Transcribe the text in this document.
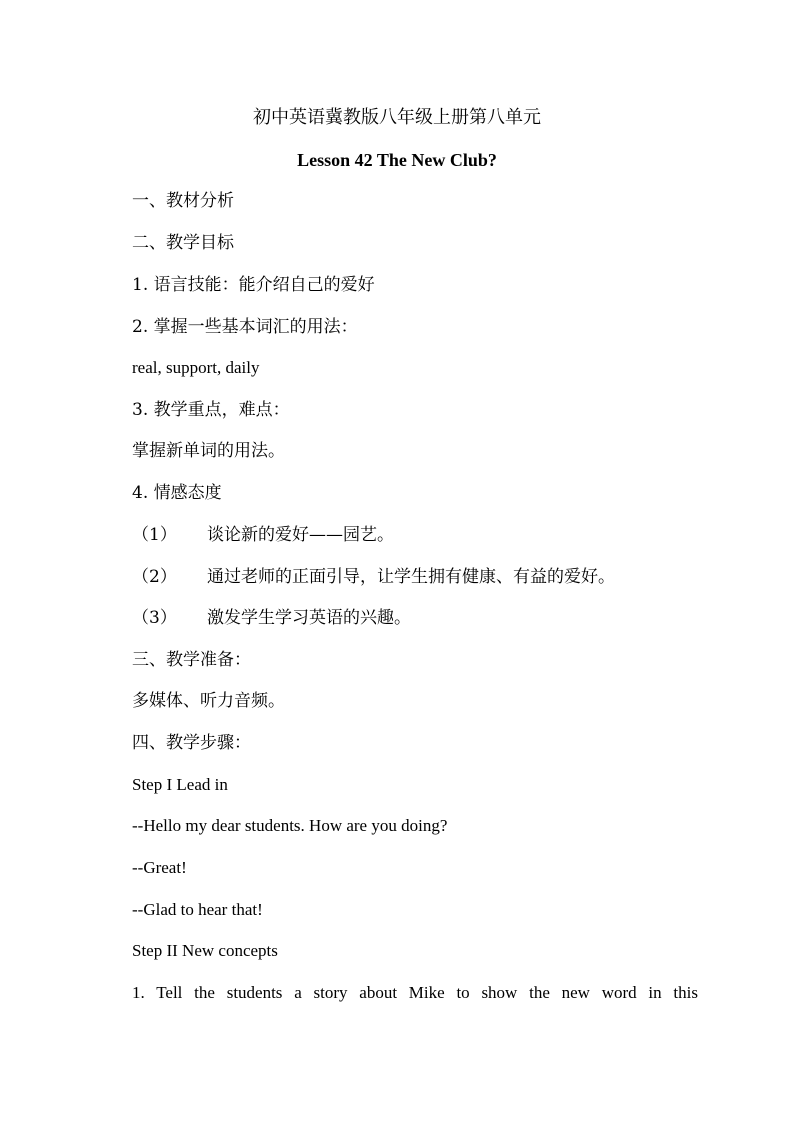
初中英语冀教版八年级上册第八单元
Lesson 42 The New Club?
一、教材分析
二、教学目标
1. 语言技能：能介绍自己的爱好
2. 掌握一些基本词汇的用法：
real, support, daily
3. 教学重点，难点：
掌握新单词的用法。
4. 情感态度
（1） 谈论新的爱好——园艺。
（2） 通过老师的正面引导，让学生拥有健康、有益的爱好。
（3） 激发学生学习英语的兴趣。
三、教学准备：
多媒体、听力音频。
四、教学步骤：
Step I Lead in
--Hello my dear students. How are you doing?
--Great!
--Glad to hear that!
Step II New concepts
1. Tell the students a story about Mike to show the new word in this
